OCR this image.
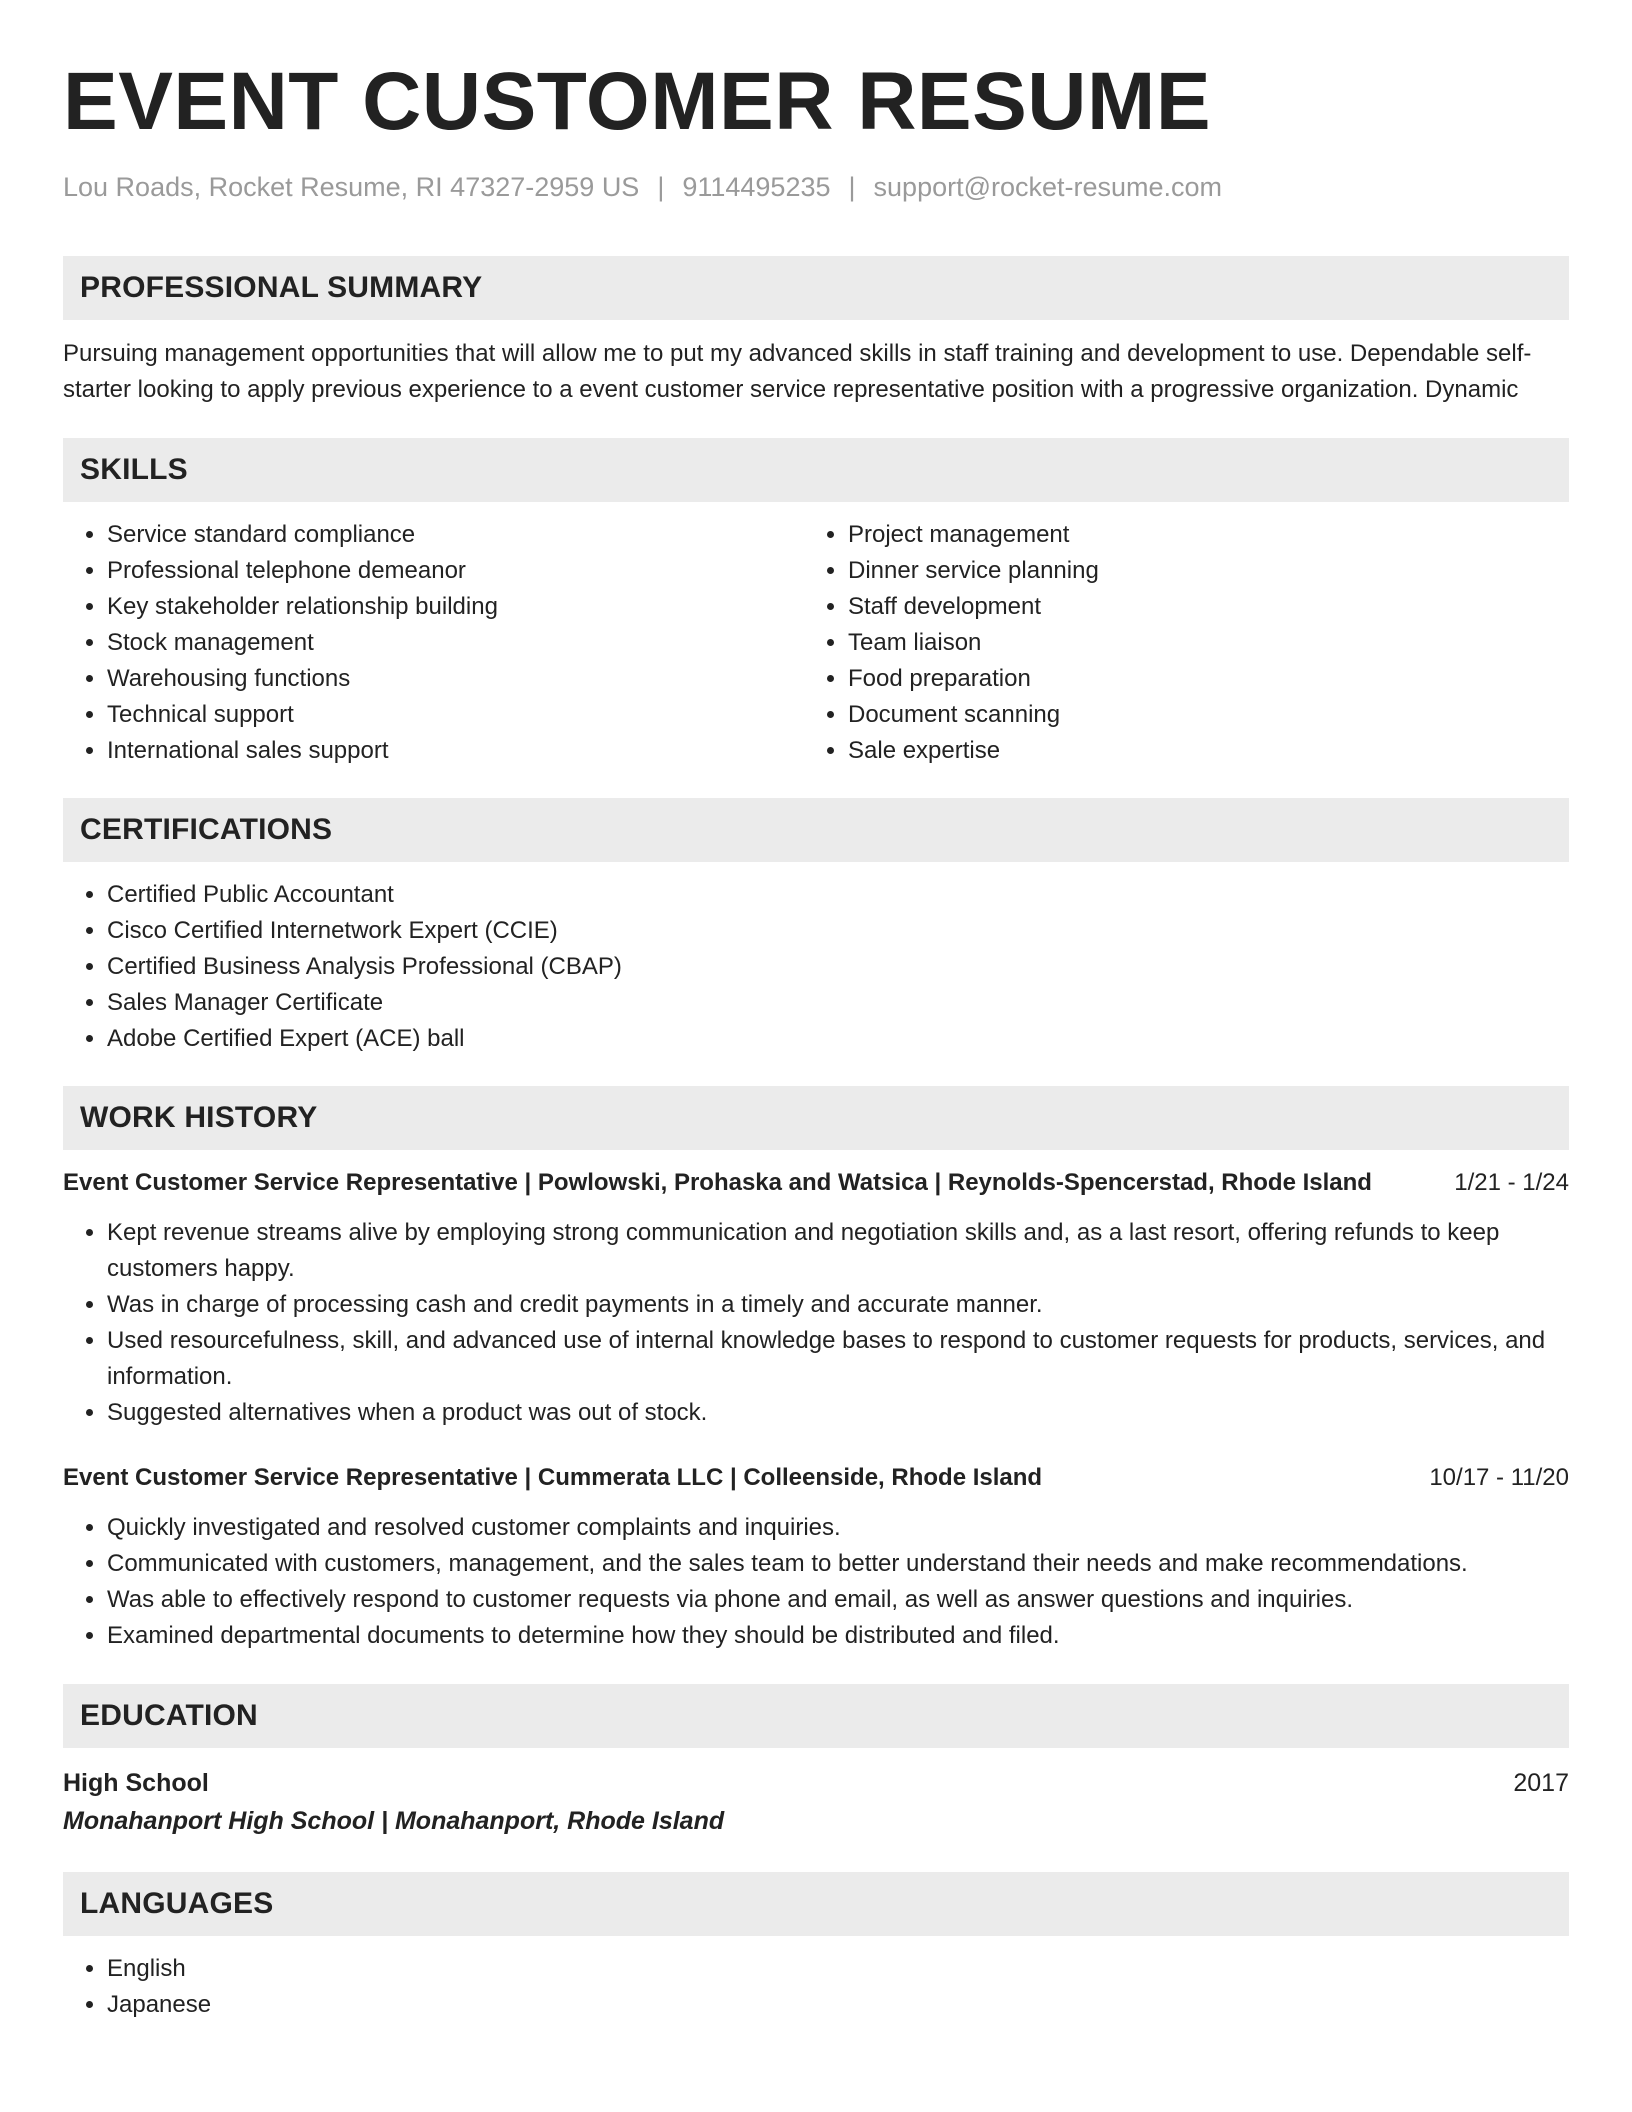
EVENT CUSTOMER RESUME
Lou Roads, Rocket Resume, RI 47327-2959 US | 9114495235 | support@rocket-resume.com
PROFESSIONAL SUMMARY
Pursuing management opportunities that will allow me to put my advanced skills in staff training and development to use. Dependable self-starter looking to apply previous experience to a event customer service representative position with a progressive organization. Dynamic
SKILLS
• Service standard compliance
• Professional telephone demeanor
• Key stakeholder relationship building
• Stock management
• Warehousing functions
• Technical support
• International sales support
• Project management
• Dinner service planning
• Staff development
• Team liaison
• Food preparation
• Document scanning
• Sale expertise
CERTIFICATIONS
• Certified Public Accountant
• Cisco Certified Internetwork Expert (CCIE)
• Certified Business Analysis Professional (CBAP)
• Sales Manager Certificate
• Adobe Certified Expert (ACE) ball
WORK HISTORY
Event Customer Service Representative | Powlowski, Prohaska and Watsica | Reynolds-Spencerstad, Rhode Island	1/21 - 1/24
• Kept revenue streams alive by employing strong communication and negotiation skills and, as a last resort, offering refunds to keep customers happy.
• Was in charge of processing cash and credit payments in a timely and accurate manner.
• Used resourcefulness, skill, and advanced use of internal knowledge bases to respond to customer requests for products, services, and information.
• Suggested alternatives when a product was out of stock.
Event Customer Service Representative | Cummerata LLC | Colleenside, Rhode Island	10/17 - 11/20
• Quickly investigated and resolved customer complaints and inquiries.
• Communicated with customers, management, and the sales team to better understand their needs and make recommendations.
• Was able to effectively respond to customer requests via phone and email, as well as answer questions and inquiries.
• Examined departmental documents to determine how they should be distributed and filed.
EDUCATION
High School	2017
Monahanport High School | Monahanport, Rhode Island
LANGUAGES
• English
• Japanese
